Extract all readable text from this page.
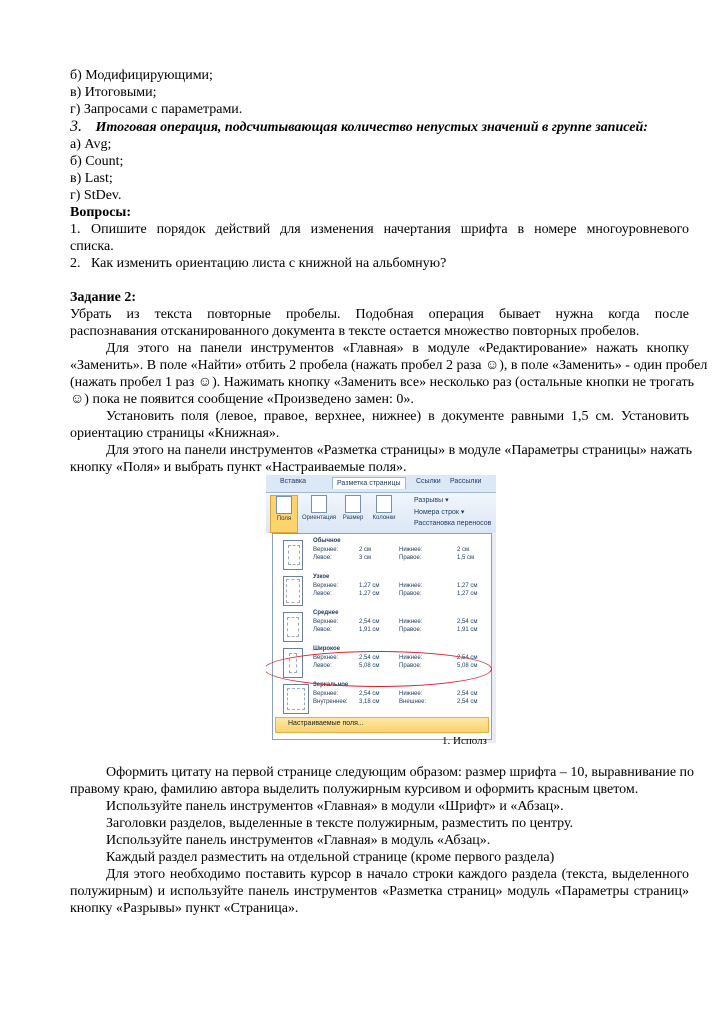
б) Модифицирующими;
в) Итоговыми;
г) Запросами с параметрами.
3. Итоговая операция, подсчитывающая количество непустых значений в группе записей:
а) Avg;
б) Count;
в) Last;
г) StDev.
Вопросы:
1. Опишите порядок действий для изменения начертания шрифта в номере многоуровневого
списка.
2. Как изменить ориентацию листа с книжной на альбомную?
Задание 2:
Убрать из текста повторные пробелы. Подобная операция бывает нужна когда после
распознавания отсканированного документа в тексте остается множество повторных пробелов.
Для этого на панели инструментов «Главная» в модуле «Редактирование» нажать кнопку
«Заменить». В поле «Найти» отбить 2 пробела (нажать пробел 2 раза ☺), в поле «Заменить» - один пробел
(нажать пробел 1 раз ☺). Нажимать кнопку «Заменить все» несколько раз (остальные кнопки не трогать
☺) пока не появится сообщение «Произведено замен: 0».
Установить поля (левое, правое, верхнее, нижнее) в документе равными 1,5 см. Установить
ориентацию страницы «Книжная».
Для этого на панели инструментов «Разметка страницы» в модуле «Параметры страницы» нажать
кнопку «Поля» и выбрать пункт «Настраиваемые поля».
Вставка	Разметка страницы	Ссылки Рассылки
Поля	Ориентация	Размер	Колонки
Разрывы ▾
Номера строк ▾
Расстановка переносов
Обычное
Верхнее:	2 см	Нижнее:	2 см
Левое:	3 см	Правое:	1,5 см
Узкое
Верхнее:	1,27 см	Нижнее:	1,27 см
Левое:	1,27 см	Правое:	1,27 см
Среднее
Верхнее:	2,54 см	Нижнее:	2,54 см
Левое:	1,91 см	Правое:	1,91 см
Широкое
Верхнее:	2,54 см	Нижнее:	2,54 см
Левое:	5,08 см	Правое:	5,08 см
Зеркальное
Верхнее:	2,54 см	Нижнее:	2,54 см
Внутреннее: 3,18 см	Внешнее:	2,54 см
Настраиваемые поля...
1. Исполз
Оформить цитату на первой странице следующим образом: размер шрифта – 10, выравнивание по
правому краю, фамилию автора выделить полужирным курсивом и оформить красным цветом.
Используйте панель инструментов «Главная» в модули «Шрифт» и «Абзац».
Заголовки разделов, выделенные в тексте полужирным, разместить по центру.
Используйте панель инструментов «Главная» в модуль «Абзац».
Каждый раздел разместить на отдельной странице (кроме первого раздела)
Для этого необходимо поставить курсор в начало строки каждого раздела (текста, выделенного
полужирным) и используйте панель инструментов «Разметка страниц» модуль «Параметры страниц»
кнопку «Разрывы» пункт «Страница».
